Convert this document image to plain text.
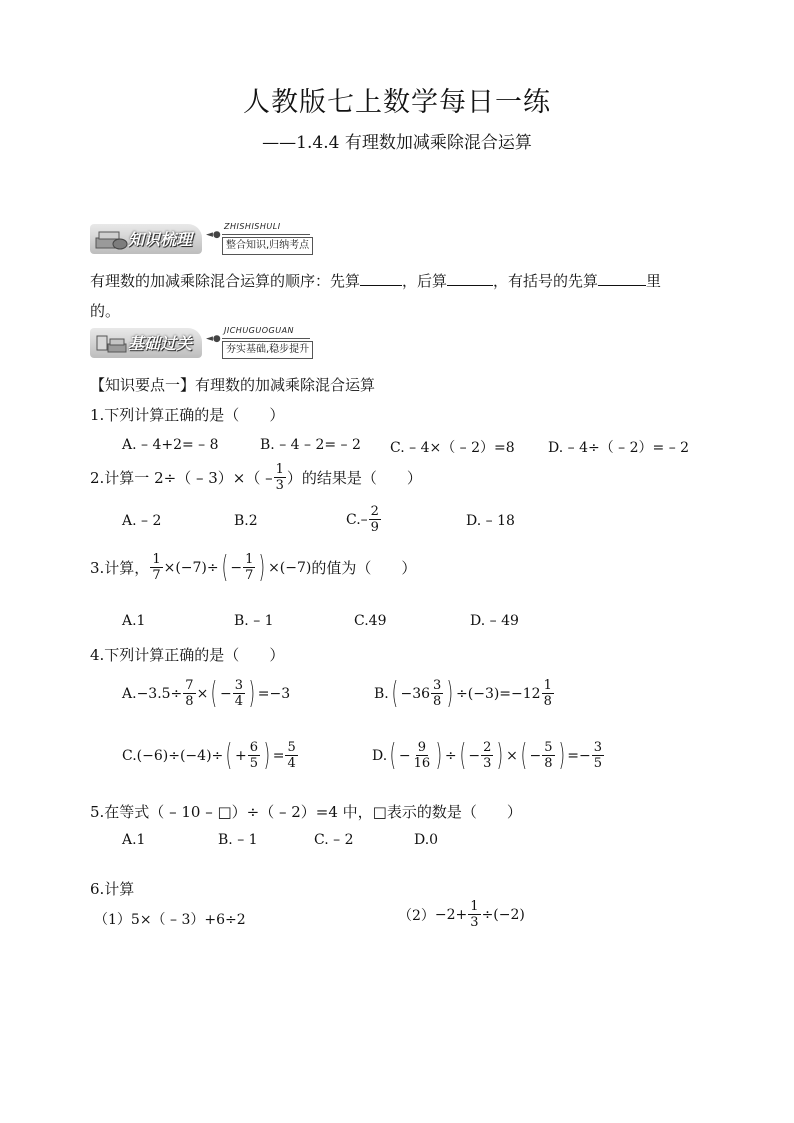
人教版七上数学每日一练
——1.4.4 有理数加减乘除混合运算
知识梳理 ◄●
ZHISHISHULI
整合知识,归纳考点
有理数的加减乘除混合运算的顺序：先算	，后算	，有括号的先算	里
的。
基础过关 ◄●
JICHUGUOGUAN
夯实基础,稳步提升
【知识要点一】有理数的加减乘除混合运算
1.下列计算正确的是（　　）
A. – 4+2= – 8	B. – 4 – 2= – 2 C. – 4×（ – 2）=8 D. – 4÷（ – 2）= – 2
2.计算一 $2\div( - 3)\times( - \frac{1}{3}$ ）的结果是（　　）
A. – 2	B.2	$C.- \frac{2}{9}$	D. – 18
3.计算， $\frac{1}{7} \times(-7)\div$ ( − $\frac{1}{7}$ ) ×(−7) 的值为（　　）
A.1	B. – 1	C.49	D. – 49
4.下列计算正确的是（　　）
A. $-3.5\div \frac{7}{8}$ × ( − $\frac{3}{4}$ ) =−3	B. ( $-36 \frac{3}{8}$ ) $\div(-3)=-12 \frac{1}{8}$
C. (−6)÷(−4)÷ ( + $\frac{6}{5}$ ) = $\frac{5}{4}$	D. ( − $\frac{9}{16}$ ) ÷ ( − $\frac{2}{3}$ ) × ( − $\frac{5}{8}$ ) =− $\frac{3}{5}$
5.在等式（ – 10 – □）÷（ – 2）=4 中，□表示的数是（　　）
A.1	B. – 1	C. – 2	D.0
6.计算
（1）5×（ – 3）+6÷2	$(2) -2+ \frac{1}{3} \div(-2)$
